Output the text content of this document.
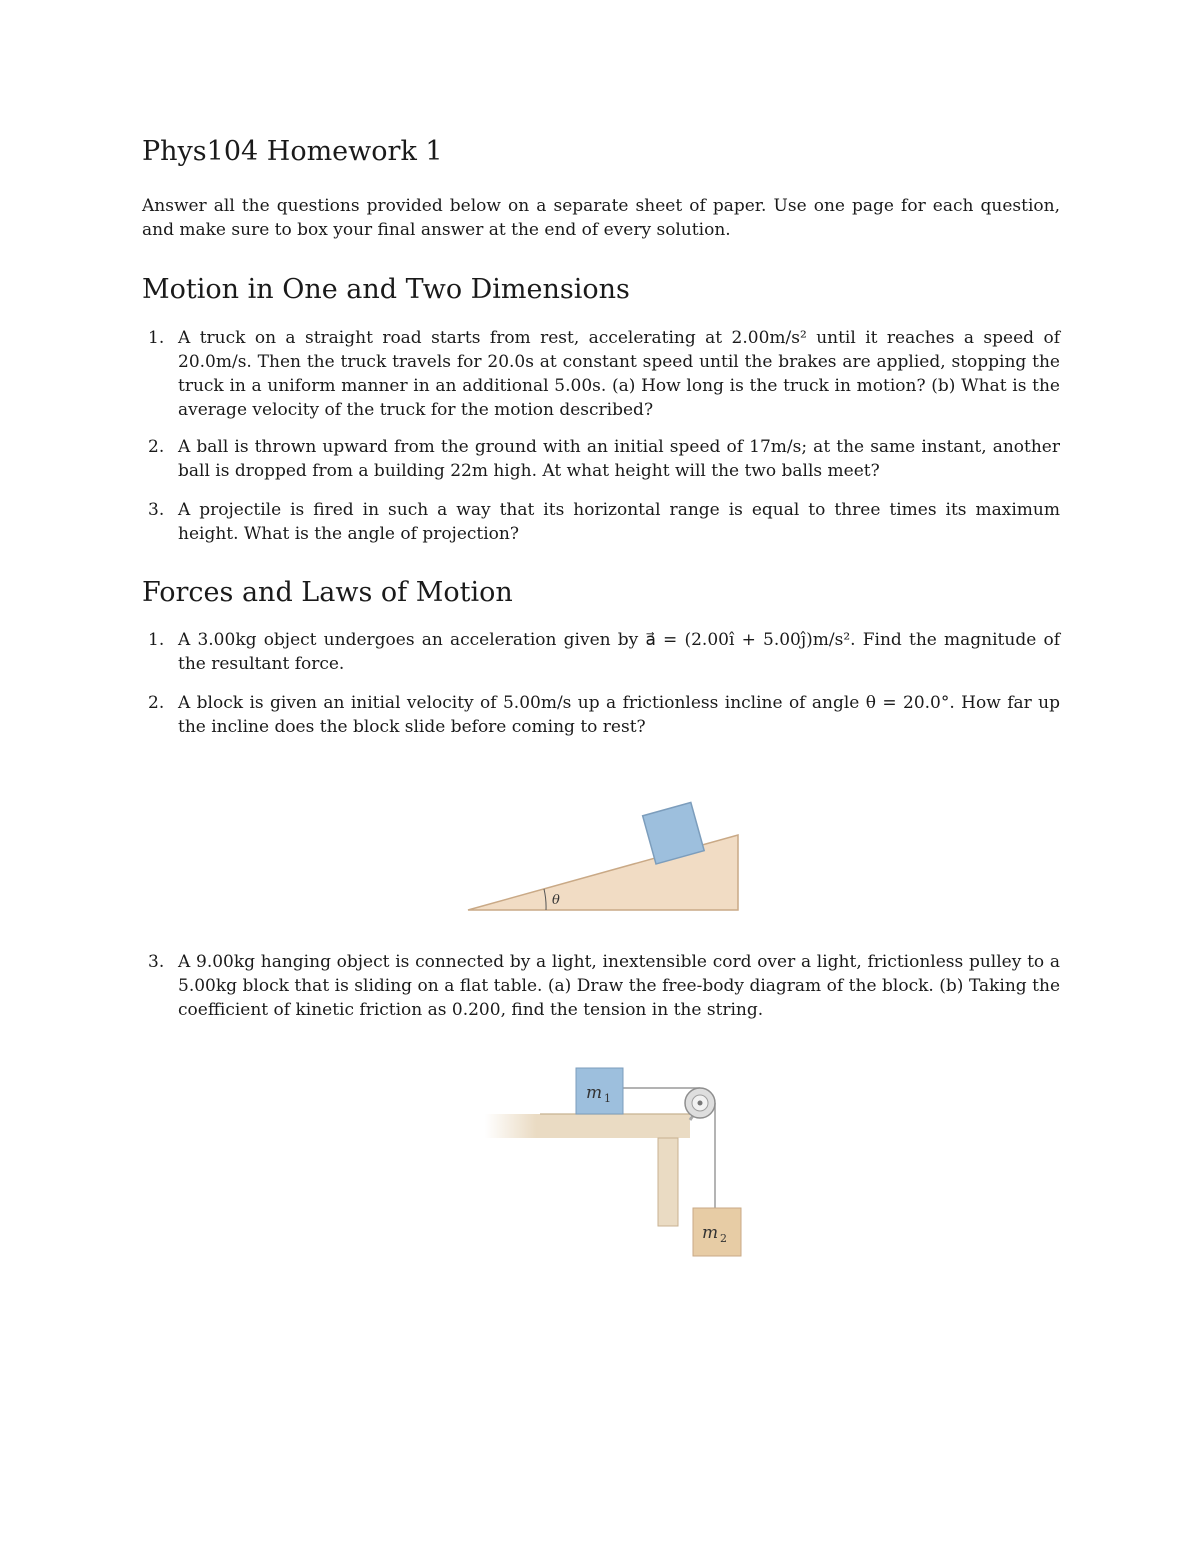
Phys104 Homework 1

Answer all the questions provided below on a separate sheet of paper. Use one page for each question, and make sure to box your final answer at the end of every solution.

Motion in One and Two Dimensions
1. A truck on a straight road starts from rest, accelerating at 2.00m/s² until it reaches a speed of 20.0m/s. Then the truck travels for 20.0s at constant speed until the brakes are applied, stopping the truck in a uniform manner in an additional 5.00s. (a) How long is the truck in motion? (b) What is the average velocity of the truck for the motion described?
2. A ball is thrown upward from the ground with an initial speed of 17m/s; at the same instant, another ball is dropped from a building 22m high. At what height will the two balls meet?
3. A projectile is fired in such a way that its horizontal range is equal to three times its maximum height. What is the angle of projection?
Forces and Laws of Motion
1. A 3.00kg object undergoes an acceleration given by a⃗ = (2.00î + 5.00ĵ)m/s². Find the magnitude of the resultant force.
2. A block is given an initial velocity of 5.00m/s up a frictionless incline of angle θ = 20.0°. How far up the incline does the block slide before coming to rest?
θ
3. A 9.00kg hanging object is connected by a light, inextensible cord over a light, frictionless pulley to a 5.00kg block that is sliding on a flat table. (a) Draw the free-body diagram of the block. (b) Taking the coefficient of kinetic friction as 0.200, find the tension in the string.
m 1
m 2
